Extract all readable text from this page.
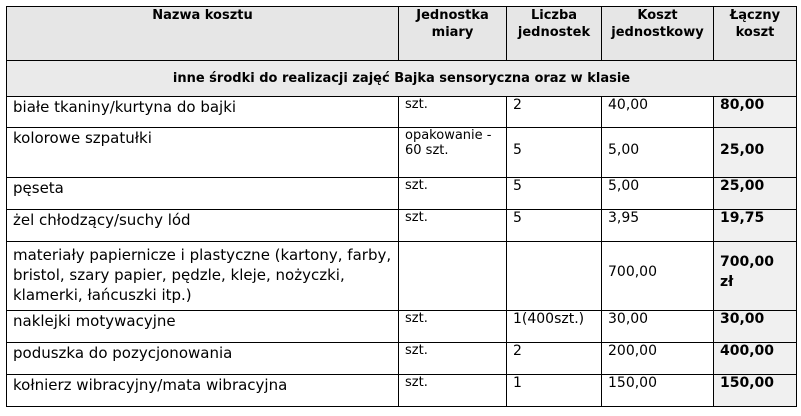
Nazwa kosztu	Jednostka miary	Liczba jednostek	Koszt jednostkowy	Łączny koszt
inne środki do realizacji zajęć Bajka sensoryczna oraz w klasie				
białe tkaniny/kurtyna do bajki	szt.	2	40,00	80,00
kolorowe szpatułki	opakowanie - 60 szt.	5	5,00	25,00
pęseta	szt.	5	5,00	25,00
żel chłodzący/suchy lód	szt.	5	3,95	19,75
materiały papiernicze i plastyczne (kartony, farby, bristol, szary papier, pędzle, kleje, nożyczki, klamerki, łańcuszki itp.)			700,00	700,00 zł
naklejki motywacyjne	szt.	1(400szt.)	30,00	30,00
poduszka do pozycjonowania	szt.	2	200,00	400,00
kołnierz wibracyjny/mata wibracyjna	szt.	1	150,00	150,00
